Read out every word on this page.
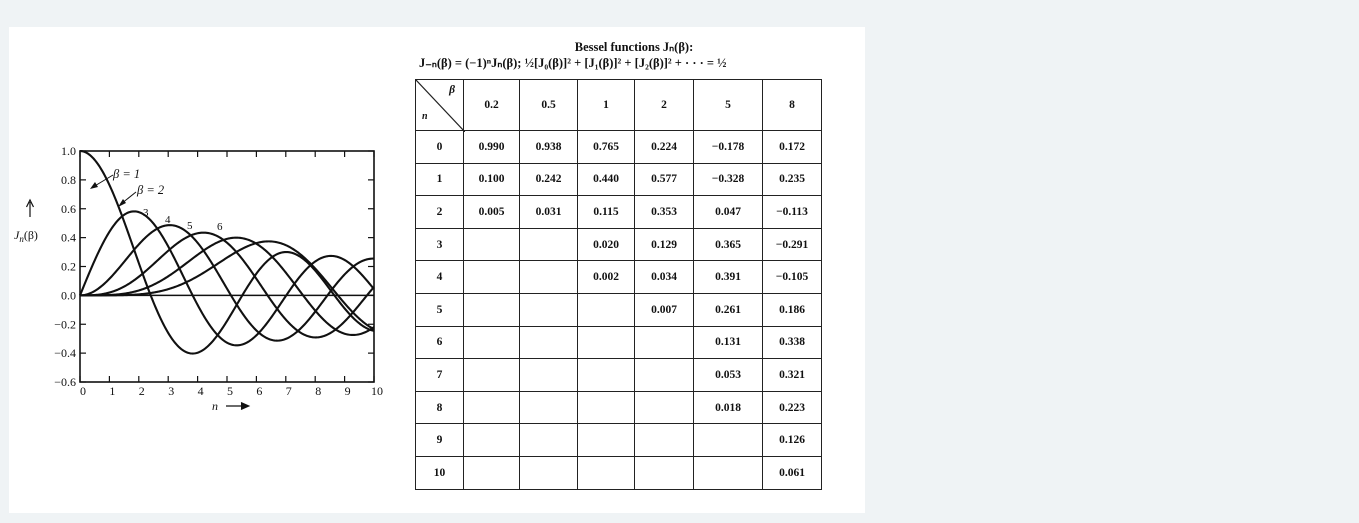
1.0
0.8
0.6
0.4
0.2
0.0
−0.2
−0.4
−0.6
0 1 2 3 4 5 6 7 8 9 10
$J_n(\beta)$
n
β = 1
β = 2
3
4 5 6
Bessel functions Jₙ(β):
J₋ₙ(β) = (−1)ⁿJₙ(β); ½[J₀(β)]² + [J₁(β)]² + [J₂(β)]² + · · · = ½
β
n	0.2	0.5	1	2	5	8
0	0.990	0.938	0.765	0.224	−0.178	0.172
1	0.100	0.242	0.440	0.577	−0.328	0.235
2	0.005	0.031	0.115	0.353	0.047	−0.113
3			0.020	0.129	0.365	−0.291
4			0.002	0.034	0.391	−0.105
5				0.007	0.261	0.186
6					0.131	0.338
7					0.053	0.321
8					0.018	0.223
9						0.126
10						0.061
